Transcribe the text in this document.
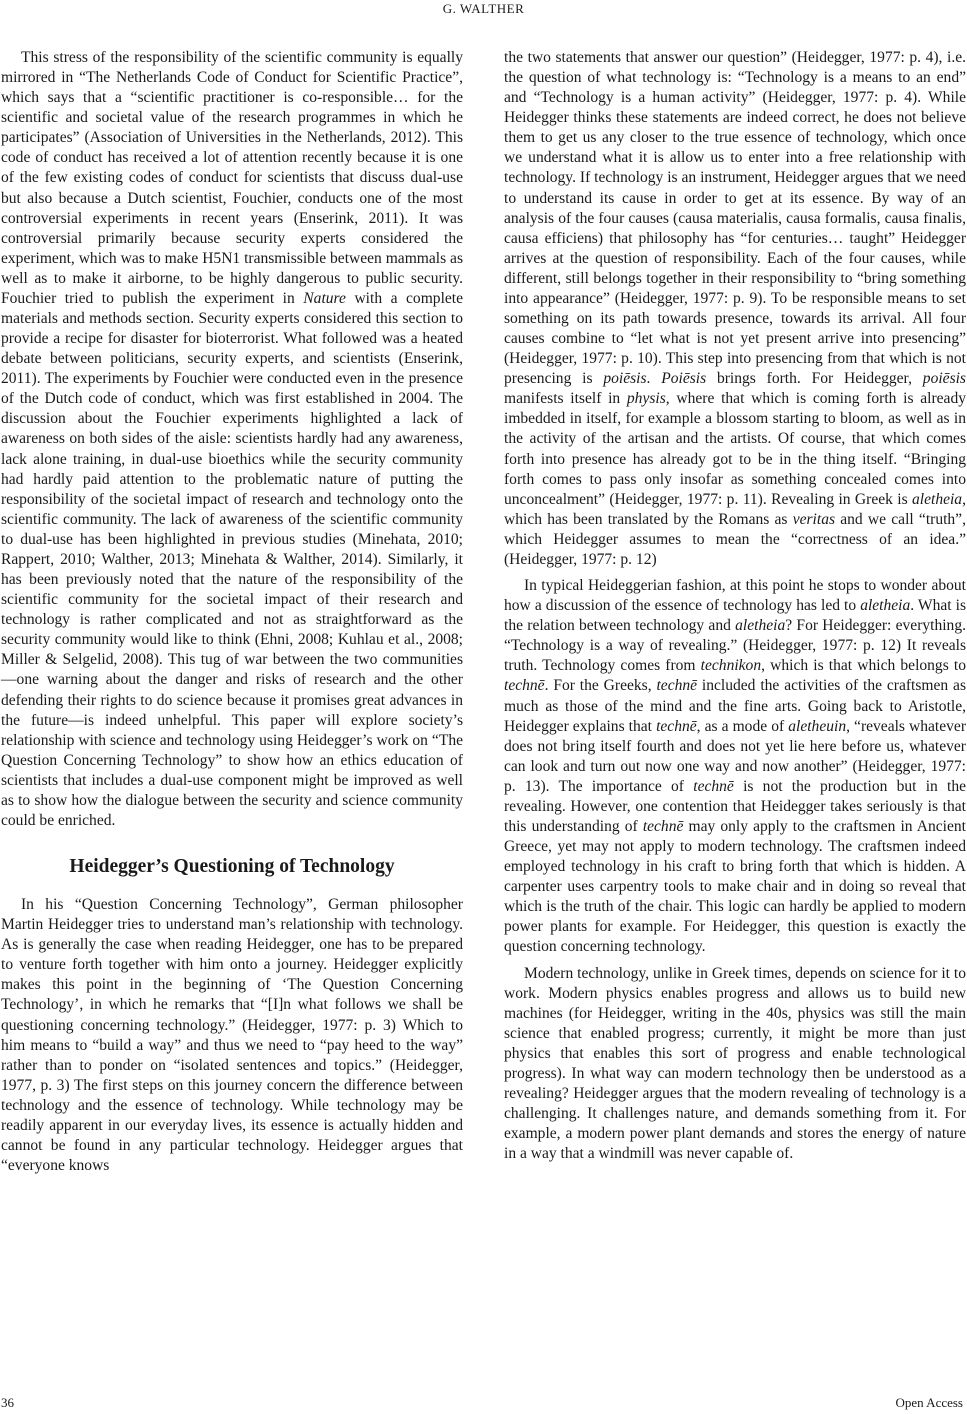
G. WALTHER

This stress of the responsibility of the scientific community is equally mirrored in “The Netherlands Code of Conduct for Scientific Practice”, which says that a “scientific practitioner is co-responsible… for the scientific and societal value of the research programmes in which he participates” (Association of Universities in the Netherlands, 2012). This code of conduct has received a lot of attention recently because it is one of the few existing codes of conduct for scientists that discuss dual-use but also because a Dutch scientist, Fouchier, conducts one of the most controversial experiments in recent years (Enserink, 2011). It was controversial primarily because security experts considered the experiment, which was to make H5N1 transmissible between mammals as well as to make it airborne, to be highly dangerous to public security. Fouchier tried to publish the experiment in Nature with a complete materials and methods section. Security experts considered this section to provide a recipe for disaster for bioterrorist. What followed was a heated debate between politicians, security experts, and scientists (Enserink, 2011). The experiments by Fouchier were conducted even in the presence of the Dutch code of conduct, which was first established in 2004. The discussion about the Fouchier experiments highlighted a lack of awareness on both sides of the aisle: scientists hardly had any awareness, lack alone training, in dual-use bioethics while the security community had hardly paid attention to the problematic nature of putting the responsibility of the societal impact of research and technology onto the scientific community. The lack of awareness of the scientific community to dual-use has been highlighted in previous studies (Minehata, 2010; Rappert, 2010; Walther, 2013; Minehata & Walther, 2014). Similarly, it has been previously noted that the nature of the responsibility of the scientific community for the societal impact of their research and technology is rather complicated and not as straightforward as the security community would like to think (Ehni, 2008; Kuhlau et al., 2008; Miller & Selgelid, 2008). This tug of war between the two communities—one warning about the danger and risks of research and the other defending their rights to do science because it promises great advances in the future—is indeed unhelpful. This paper will explore society’s relationship with science and technology using Heidegger’s work on “The Question Concerning Technology” to show how an ethics education of scientists that includes a dual-use component might be improved as well as to show how the dialogue between the security and science community could be enriched.

Heidegger’s Questioning of Technology

In his “Question Concerning Technology”, German philosopher Martin Heidegger tries to understand man’s relationship with technology. As is generally the case when reading Heidegger, one has to be prepared to venture forth together with him onto a journey. Heidegger explicitly makes this point in the beginning of ‘The Question Concerning Technology’, in which he remarks that “[I]n what follows we shall be questioning concerning technology.” (Heidegger, 1977: p. 3) Which to him means to “build a way” and thus we need to “pay heed to the way” rather than to ponder on “isolated sentences and topics.” (Heidegger, 1977, p. 3) The first steps on this journey concern the difference between technology and the essence of technology. While technology may be readily apparent in our everyday lives, its essence is actually hidden and cannot be found in any particular technology. Heidegger argues that “everyone knows

the two statements that answer our question” (Heidegger, 1977: p. 4), i.e. the question of what technology is: “Technology is a means to an end” and “Technology is a human activity” (Heidegger, 1977: p. 4). While Heidegger thinks these statements are indeed correct, he does not believe them to get us any closer to the true essence of technology, which once we understand what it is allow us to enter into a free relationship with technology. If technology is an instrument, Heidegger argues that we need to understand its cause in order to get at its essence. By way of an analysis of the four causes (causa materialis, causa formalis, causa finalis, causa efficiens) that philosophy has “for centuries… taught” Heidegger arrives at the question of responsibility. Each of the four causes, while different, still belongs together in their responsibility to “bring something into appearance” (Heidegger, 1977: p. 9). To be responsible means to set something on its path towards presence, towards its arrival. All four causes combine to “let what is not yet present arrive into presencing” (Heidegger, 1977: p. 10). This step into presencing from that which is not presencing is poiēsis. Poiēsis brings forth. For Heidegger, poiēsis manifests itself in physis, where that which is coming forth is already imbedded in itself, for example a blossom starting to bloom, as well as in the activity of the artisan and the artists. Of course, that which comes forth into presence has already got to be in the thing itself. “Bringing forth comes to pass only insofar as something concealed comes into unconcealment” (Heidegger, 1977: p. 11). Revealing in Greek is aletheia, which has been translated by the Romans as veritas and we call “truth”, which Heidegger assumes to mean the “correctness of an idea.” (Heidegger, 1977: p. 12)

In typical Heideggerian fashion, at this point he stops to wonder about how a discussion of the essence of technology has led to aletheia. What is the relation between technology and aletheia? For Heidegger: everything. “Technology is a way of revealing.” (Heidegger, 1977: p. 12) It reveals truth. Technology comes from technikon, which is that which belongs to technē. For the Greeks, technē included the activities of the craftsmen as much as those of the mind and the fine arts. Going back to Aristotle, Heidegger explains that technē, as a mode of aletheuin, “reveals whatever does not bring itself fourth and does not yet lie here before us, whatever can look and turn out now one way and now another” (Heidegger, 1977: p. 13). The importance of technē is not the production but in the revealing. However, one contention that Heidegger takes seriously is that this understanding of technē may only apply to the craftsmen in Ancient Greece, yet may not apply to modern technology. The craftsmen indeed employed technology in his craft to bring forth that which is hidden. A carpenter uses carpentry tools to make chair and in doing so reveal that which is the truth of the chair. This logic can hardly be applied to modern power plants for example. For Heidegger, this question is exactly the question concerning technology.

Modern technology, unlike in Greek times, depends on science for it to work. Modern physics enables progress and allows us to build new machines (for Heidegger, writing in the 40s, physics was still the main science that enabled progress; currently, it might be more than just physics that enables this sort of progress and enable technological progress). In what way can modern technology then be understood as a revealing? Heidegger argues that the modern revealing of technology is a challenging. It challenges nature, and demands something from it. For example, a modern power plant demands and stores the energy of nature in a way that a windmill was never capable of.

36	Open Access
